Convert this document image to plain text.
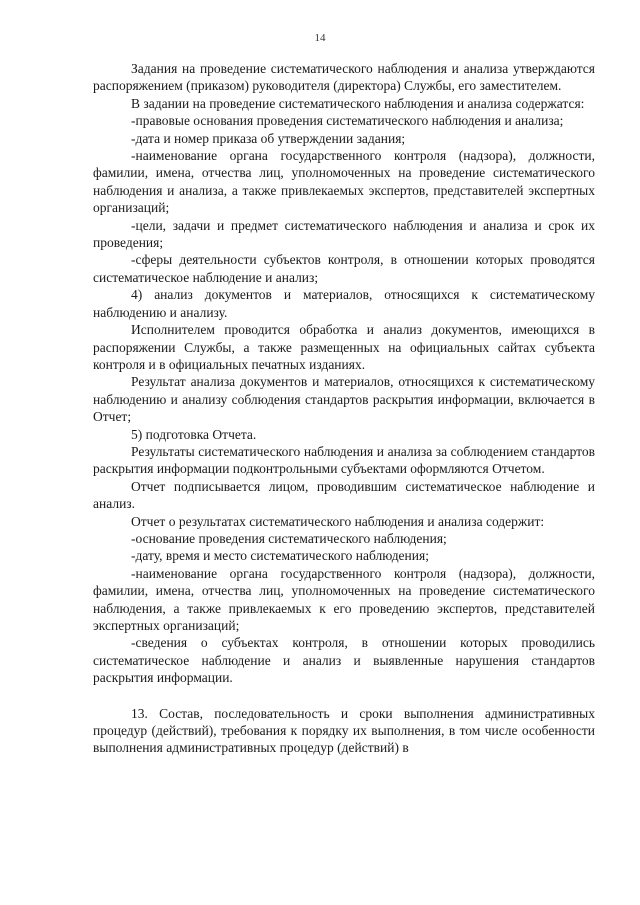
14

Задания на проведение систематического наблюдения и анализа утверждаются распоряжением (приказом) руководителя (директора) Службы, его заместителем.

В задании на проведение систематического наблюдения и анализа содержатся:

-правовые основания проведения систематического наблюдения и анализа;

-дата и номер приказа об утверждении задания;

-наименование органа государственного контроля (надзора), должности, фамилии, имена, отчества лиц, уполномоченных на проведение систематического наблюдения и анализа, а также привлекаемых экспертов, представителей экспертных организаций;

-цели, задачи и предмет систематического наблюдения и анализа и срок их проведения;

-сферы деятельности субъектов контроля, в отношении которых проводятся систематическое наблюдение и анализ;

4) анализ документов и материалов, относящихся к систематическому наблюдению и анализу.

Исполнителем проводится обработка и анализ документов, имеющихся в распоряжении Службы, а также размещенных на официальных сайтах субъекта контроля и в официальных печатных изданиях.

Результат анализа документов и материалов, относящихся к систематическому наблюдению и анализу соблюдения стандартов раскрытия информации, включается в Отчет;

5) подготовка Отчета.

Результаты систематического наблюдения и анализа за соблюдением стандартов раскрытия информации подконтрольными субъектами оформляются Отчетом.

Отчет подписывается лицом, проводившим систематическое наблюдение и анализ.

Отчет о результатах систематического наблюдения и анализа содержит:

-основание проведения систематического наблюдения;

-дату, время и место систематического наблюдения;

-наименование органа государственного контроля (надзора), должности, фамилии, имена, отчества лиц, уполномоченных на проведение систематического наблюдения, а также привлекаемых к его проведению экспертов, представителей экспертных организаций;

-сведения о субъектах контроля, в отношении которых проводились систематическое наблюдение и анализ и выявленные нарушения стандартов раскрытия информации.

13. Состав, последовательность и сроки выполнения административных процедур (действий), требования к порядку их выполнения, в том числе особенности выполнения административных процедур (действий) в
